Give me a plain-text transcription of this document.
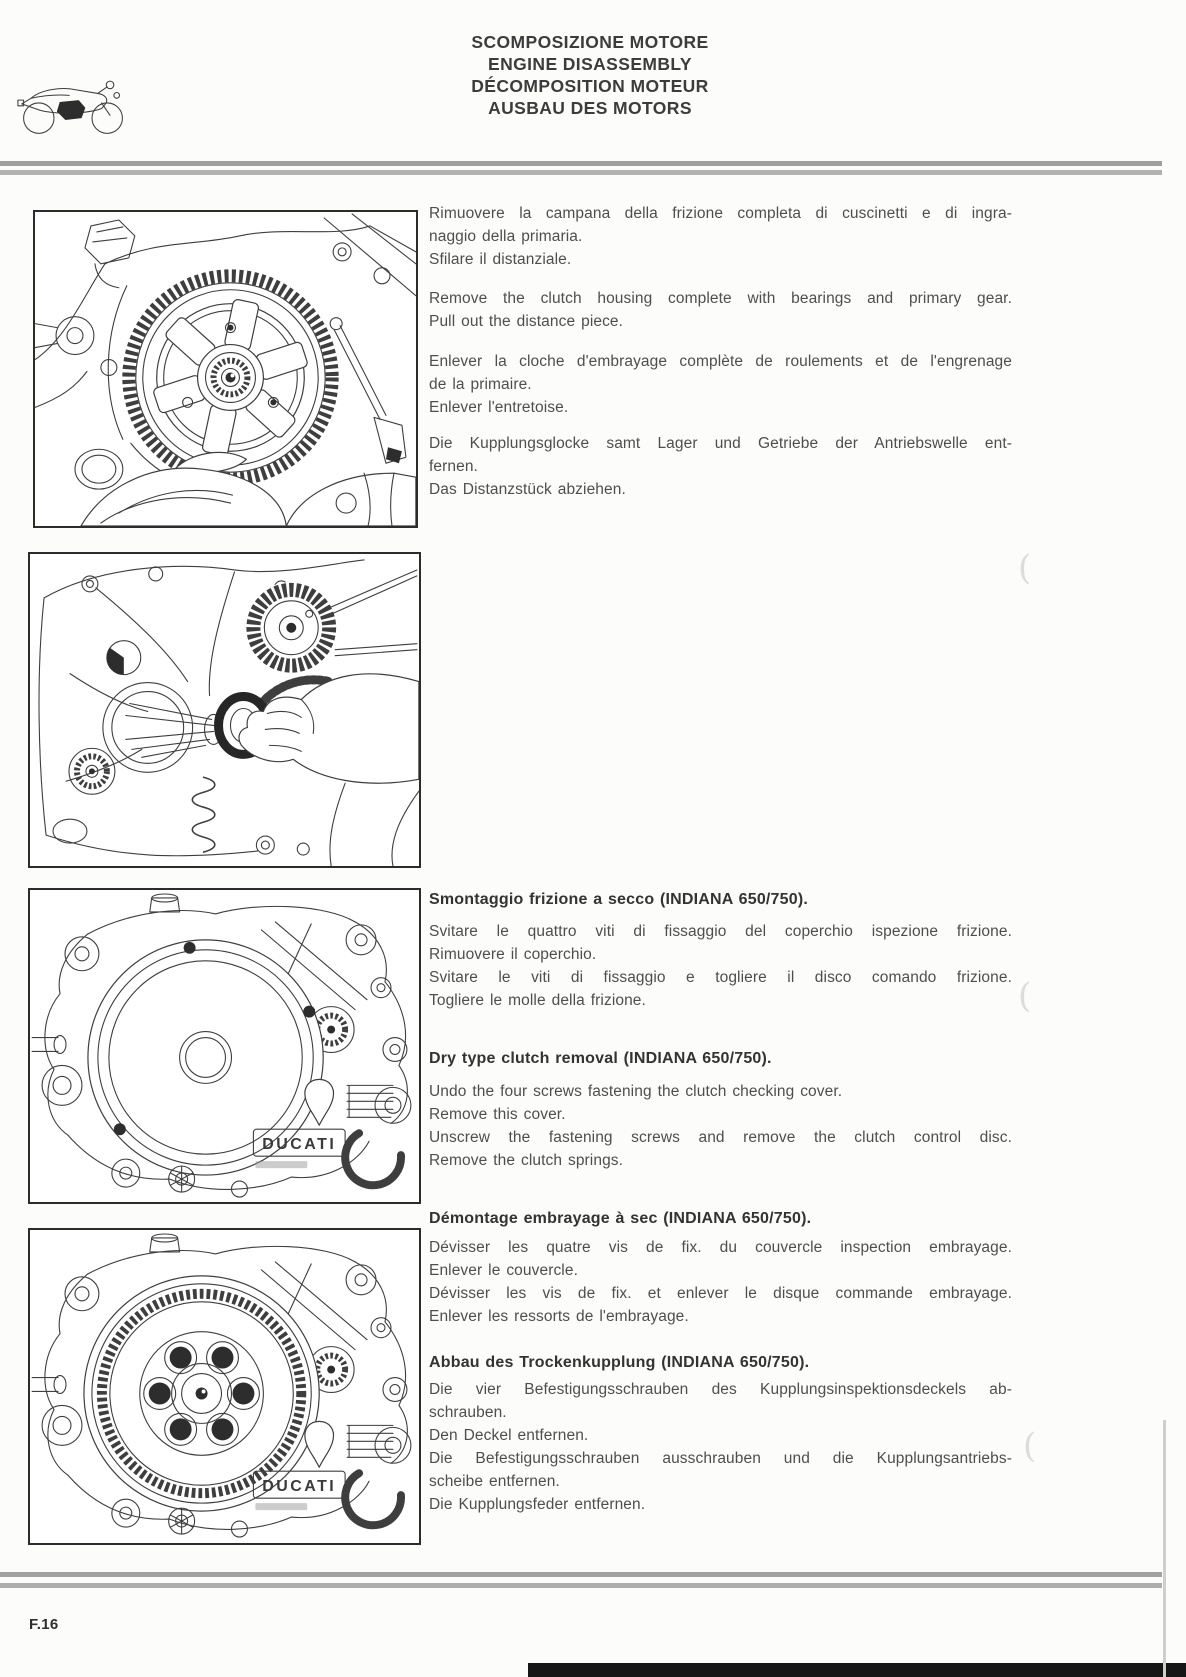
SCOMPOSIZIONE MOTORE
ENGINE DISASSEMBLY
DÉCOMPOSITION MOTEUR
AUSBAU DES MOTORS
DUCATI
DUCATI
Rimuovere la campana della frizione completa di cuscinetti e di ingra-
naggio della primaria.
Sfilare il distanziale.
Remove the clutch housing complete with bearings and primary gear.
Pull out the distance piece.
Enlever la cloche d'embrayage complète de roulements et de l'engrenage
de la primaire.
Enlever l'entretoise.
Die Kupplungsglocke samt Lager und Getriebe der Antriebswelle ent-
fernen.
Das Distanzstück abziehen.
Smontaggio frizione a secco (INDIANA 650/750).
Svitare le quattro viti di fissaggio del coperchio ispezione frizione.
Rimuovere il coperchio.
Svitare le viti di fissaggio e togliere il disco comando frizione.
Togliere le molle della frizione.
Dry type clutch removal (INDIANA 650/750).
Undo the four screws fastening the clutch checking cover.
Remove this cover.
Unscrew the fastening screws and remove the clutch control disc.
Remove the clutch springs.
Démontage embrayage à sec (INDIANA 650/750).
Dévisser les quatre vis de fix. du couvercle inspection embrayage.
Enlever le couvercle.
Dévisser les vis de fix. et enlever le disque commande embrayage.
Enlever les ressorts de l'embrayage.
Abbau des Trockenkupplung (INDIANA 650/750).
Die vier Befestigungsschrauben des Kupplungsinspektionsdeckels ab-
schrauben.
Den Deckel entfernen.
Die Befestigungsschrauben ausschrauben und die Kupplungsantriebs-
scheibe entfernen.
Die Kupplungsfeder entfernen.
F.16
(
(
(
